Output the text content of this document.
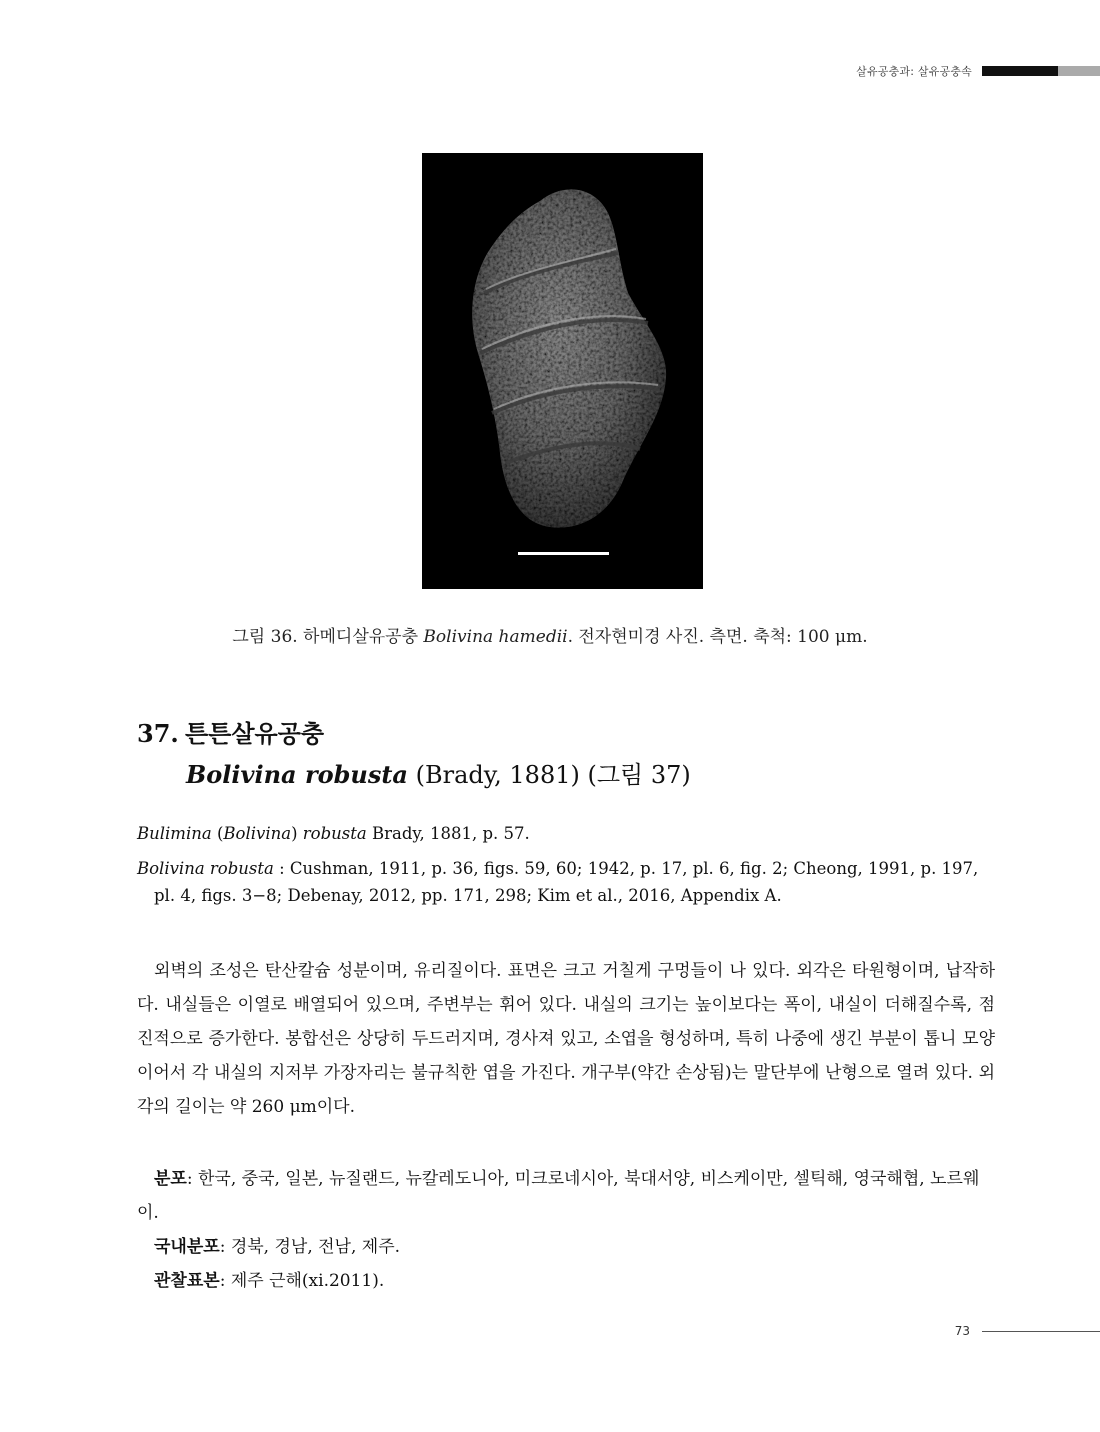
살유공충과: 살유공충속
그림 36. 하메디살유공충 Bolivina hamedii. 전자현미경 사진. 측면. 축척: 100 μm.
37. 튼튼살유공충
Bolivina robusta (Brady, 1881) (그림 37)

Bulimina (Bolivina) robusta Brady, 1881, p. 57.

Bolivina robusta : Cushman, 1911, p. 36, figs. 59, 60; 1942, p. 17, pl. 6, fig. 2; Cheong, 1991, p. 197, pl. 4, figs. 3−8; Debenay, 2012, pp. 171, 298; Kim et al., 2016, Appendix A.

외벽의 조성은 탄산칼슘 성분이며, 유리질이다. 표면은 크고 거칠게 구멍들이 나 있다. 외각은 타원형이며, 납작하다. 내실들은 이열로 배열되어 있으며, 주변부는 휘어 있다. 내실의 크기는 높이보다는 폭이, 내실이 더해질수록, 점진적으로 증가한다. 봉합선은 상당히 두드러지며, 경사져 있고, 소엽을 형성하며, 특히 나중에 생긴 부분이 톱니 모양이어서 각 내실의 지저부 가장자리는 불규칙한 엽을 가진다. 개구부(약간 손상됨)는 말단부에 난형으로 열려 있다. 외각의 길이는 약 260 μm이다.

분포: 한국, 중국, 일본, 뉴질랜드, 뉴칼레도니아, 미크로네시아, 북대서양, 비스케이만, 셀틱해, 영국해협, 노르웨이.

국내분포: 경북, 경남, 전남, 제주.

관찰표본: 제주 근해(xi.2011).

73
